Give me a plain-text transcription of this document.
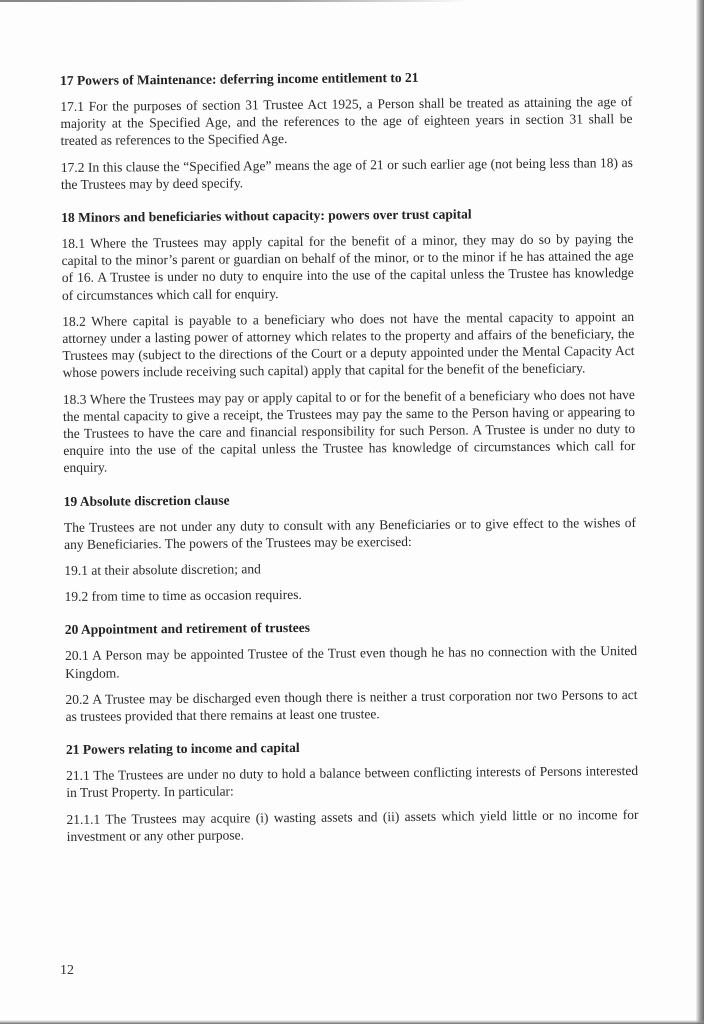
17 Powers of Maintenance: deferring income entitlement to 21

17.1 For the purposes of section 31 Trustee Act 1925, a Person shall be treated as attaining the age of majority at the Specified Age, and the references to the age of eighteen years in section 31 shall be treated as references to the Specified Age.

17.2 In this clause the “Specified Age” means the age of 21 or such earlier age (not being less than 18) as the Trustees may by deed specify.

18 Minors and beneficiaries without capacity: powers over trust capital

18.1 Where the Trustees may apply capital for the benefit of a minor, they may do so by paying the capital to the minor’s parent or guardian on behalf of the minor, or to the minor if he has attained the age of 16. A Trustee is under no duty to enquire into the use of the capital unless the Trustee has knowledge of circumstances which call for enquiry.

18.2 Where capital is payable to a beneficiary who does not have the mental capacity to appoint an attorney under a lasting power of attorney which relates to the property and affairs of the beneficiary, the Trustees may (subject to the directions of the Court or a deputy appointed under the Mental Capacity Act whose powers include receiving such capital) apply that capital for the benefit of the beneficiary.

18.3 Where the Trustees may pay or apply capital to or for the benefit of a beneficiary who does not have the mental capacity to give a receipt, the Trustees may pay the same to the Person having or appearing to the Trustees to have the care and financial responsibility for such Person. A Trustee is under no duty to enquire into the use of the capital unless the Trustee has knowledge of circumstances which call for enquiry.

19 Absolute discretion clause

The Trustees are not under any duty to consult with any Beneficiaries or to give effect to the wishes of any Beneficiaries. The powers of the Trustees may be exercised:

19.1 at their absolute discretion; and

19.2 from time to time as occasion requires.

20 Appointment and retirement of trustees

20.1 A Person may be appointed Trustee of the Trust even though he has no connection with the United Kingdom.

20.2 A Trustee may be discharged even though there is neither a trust corporation nor two Persons to act as trustees provided that there remains at least one trustee.

21 Powers relating to income and capital

21.1 The Trustees are under no duty to hold a balance between conflicting interests of Persons interested in Trust Property. In particular:

21.1.1 The Trustees may acquire (i) wasting assets and (ii) assets which yield little or no income for investment or any other purpose.

12
